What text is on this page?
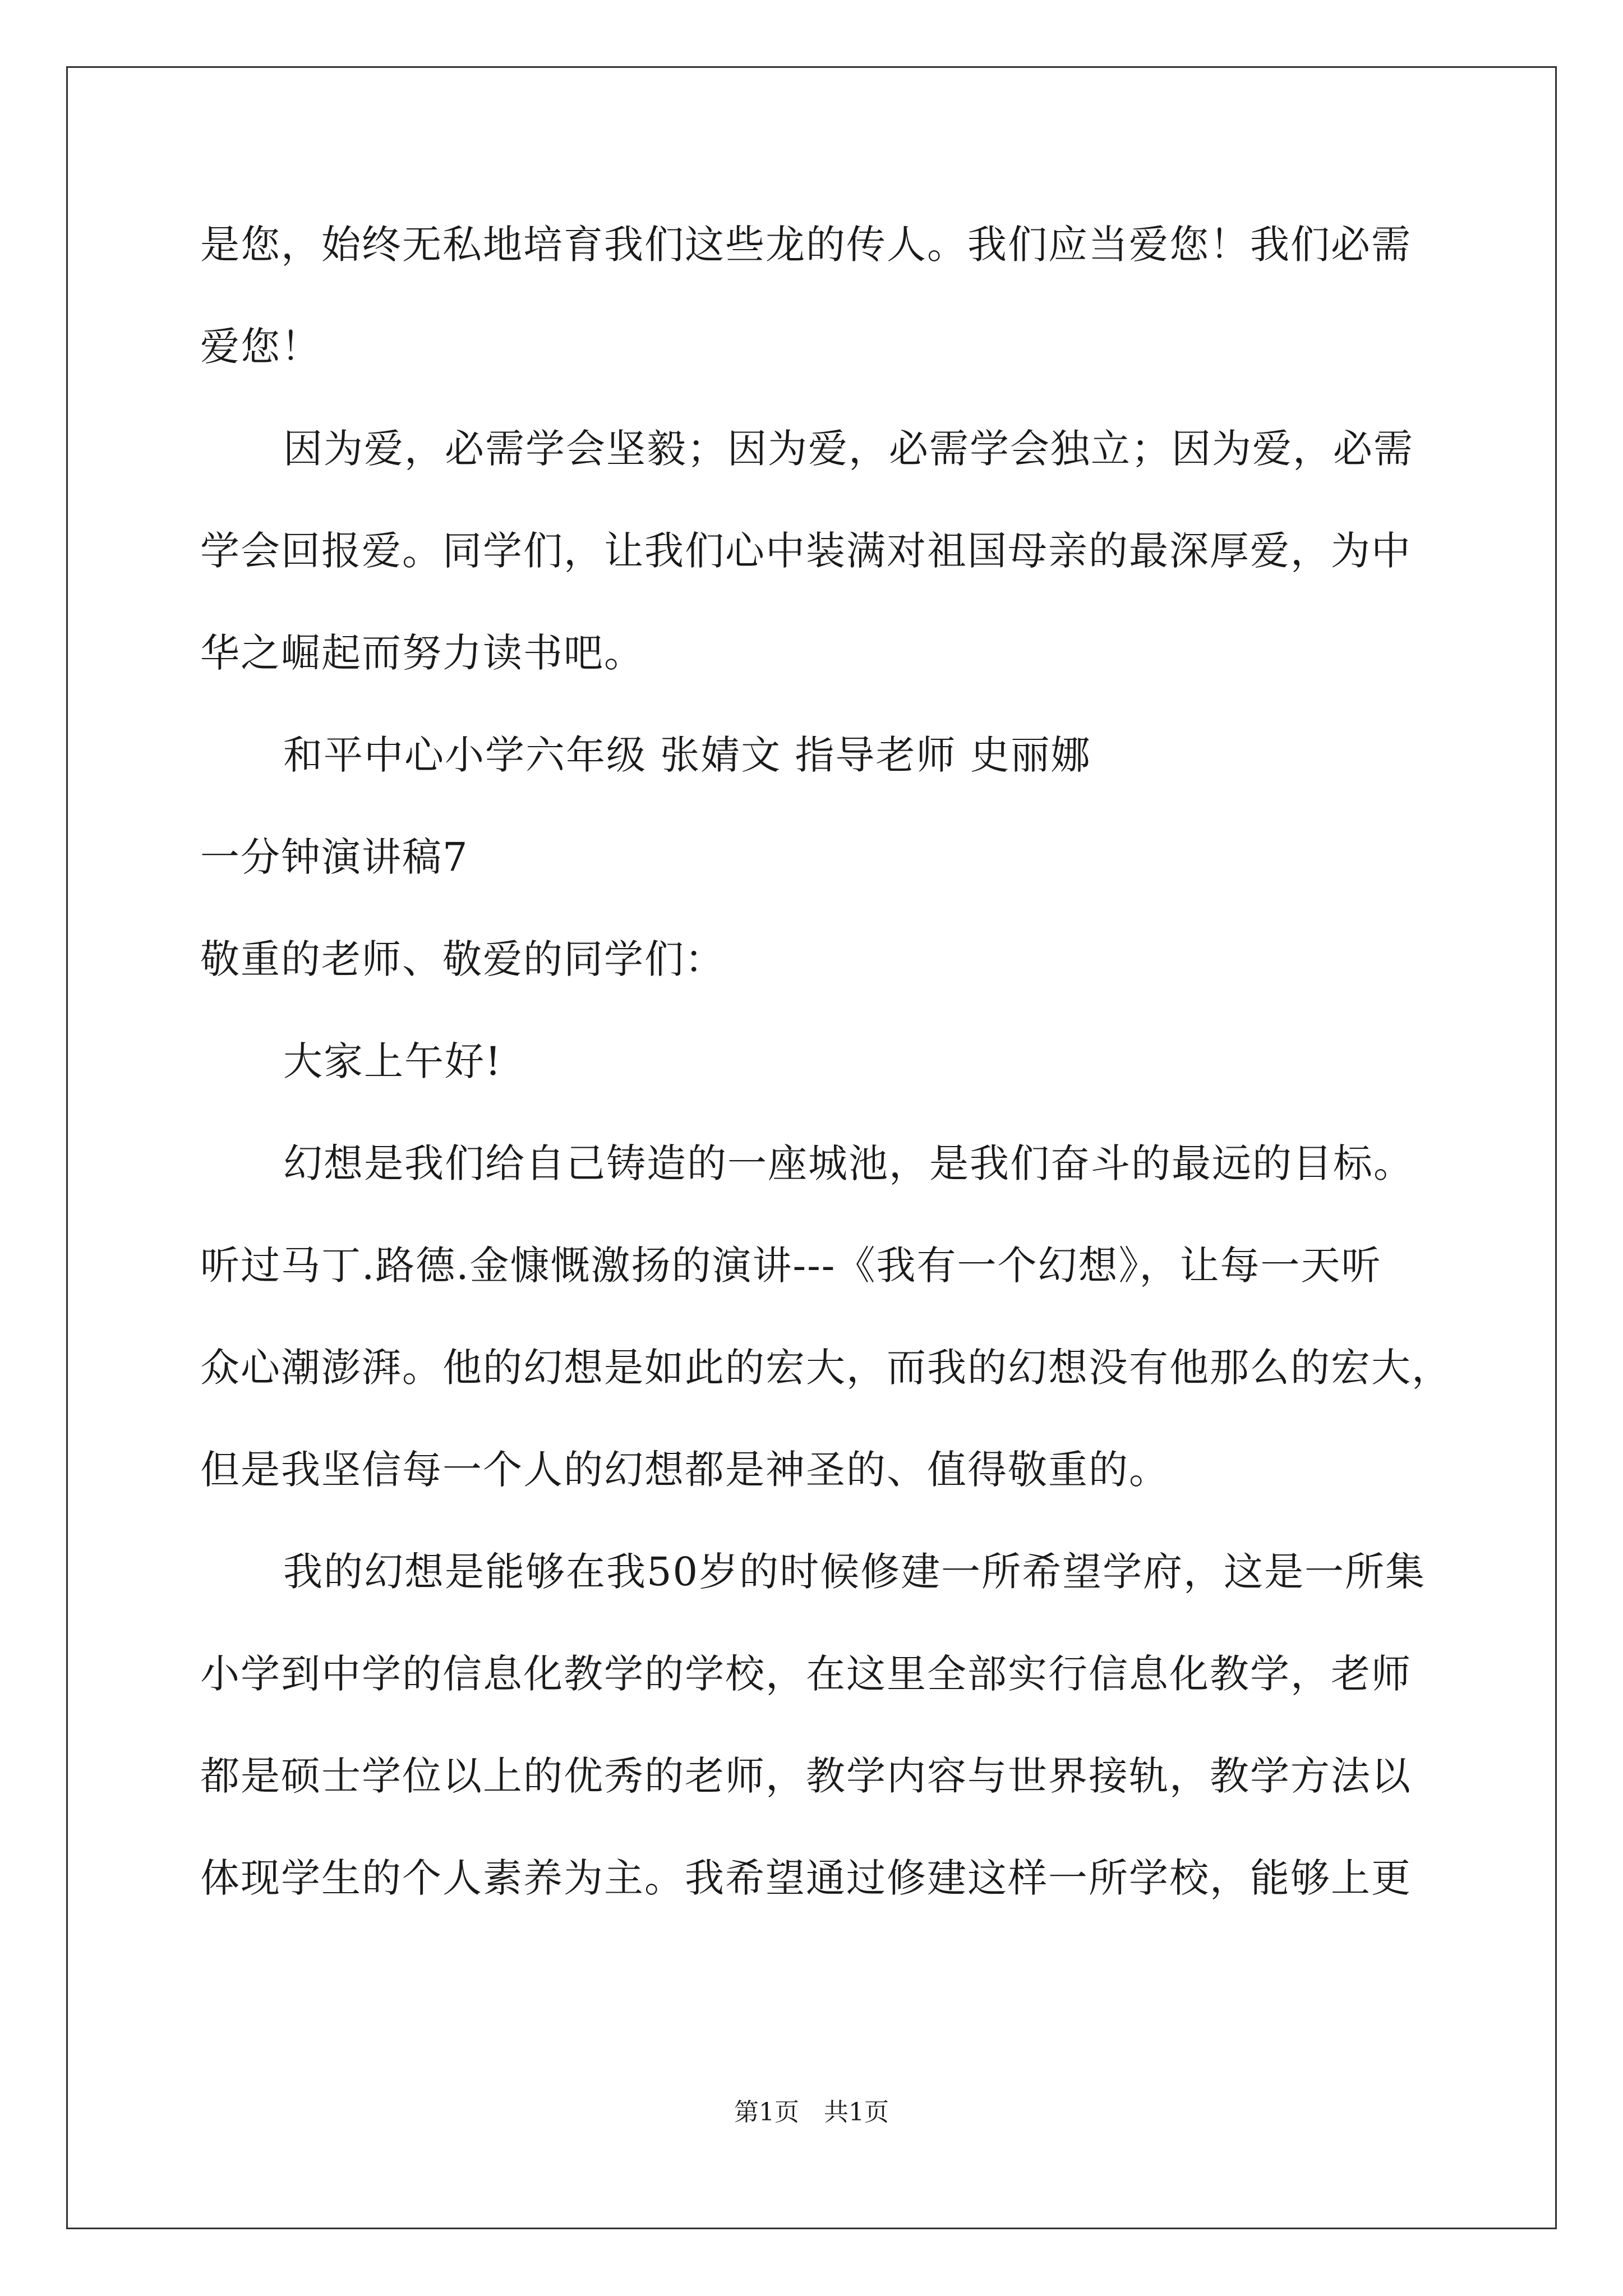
是您，始终无私地培育我们这些龙的传人。我们应当爱您！我们必需
爱您！
因为爱，必需学会坚毅；因为爱，必需学会独立；因为爱，必需
学会回报爱。同学们，让我们心中装满对祖国母亲的最深厚爱，为中
华之崛起而努力读书吧。
和平中心小学六年级 张婧文 指导老师 史丽娜
一分钟演讲稿7
敬重的老师、敬爱的同学们：
大家上午好!
幻想是我们给自己铸造的一座城池，是我们奋斗的最远的目标。
听过马丁.路德.金慷慨激扬的演讲---《我有一个幻想》，让每一天听
众心潮澎湃。他的幻想是如此的宏大，而我的幻想没有他那么的宏大，
但是我坚信每一个人的幻想都是神圣的、值得敬重的。
我的幻想是能够在我50岁的时候修建一所希望学府，这是一所集
小学到中学的信息化教学的学校，在这里全部实行信息化教学，老师
都是硕士学位以上的优秀的老师，教学内容与世界接轨，教学方法以
体现学生的个人素养为主。我希望通过修建这样一所学校，能够上更
第1页　共1页
